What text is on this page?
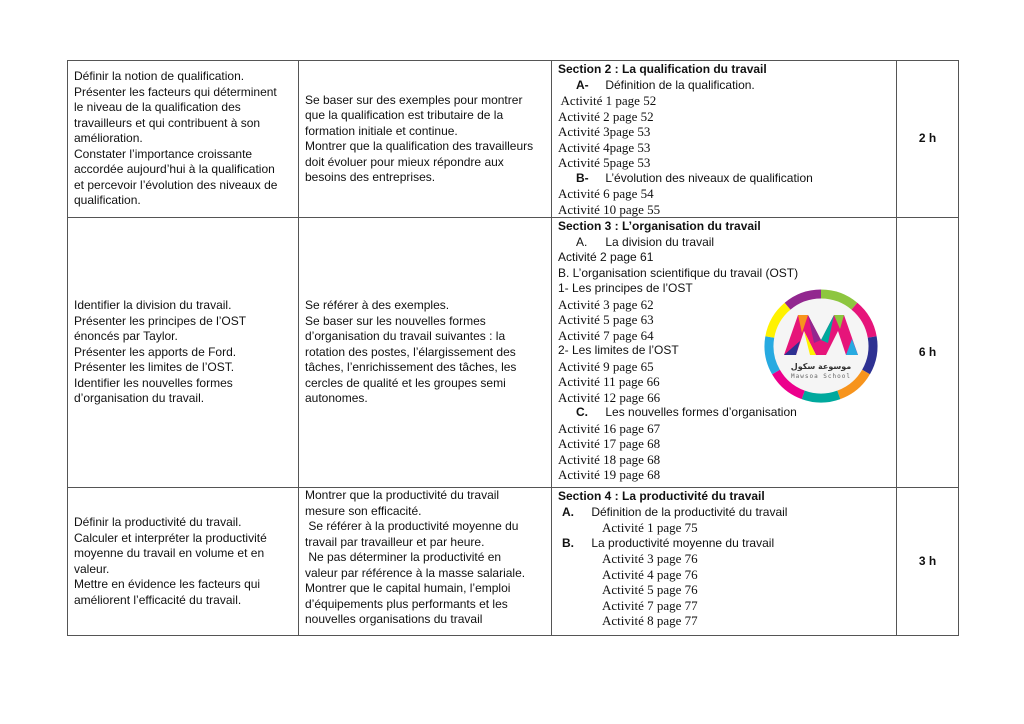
Définir la notion de qualification.
Présenter les facteurs qui déterminent
le niveau de la qualification des
travailleurs et qui contribuent à son
amélioration.
Constater l’importance croissante
accordée aujourd’hui à la qualification
et percevoir l’évolution des niveaux de
qualification.

Se baser sur des exemples pour montrer
que la qualification est tributaire de la
formation initiale et continue.
Montrer que la qualification des travailleurs
doit évoluer pour mieux répondre aux
besoins des entreprises.

Section 2 : La qualification du travail
A- Définition de la qualification.
Activité 1 page 52
Activité 2 page 52
Activité 3page 53
Activité 4page 53
Activité 5page 53
B- L’évolution des niveaux de qualification
Activité 6 page 54
Activité 10 page 55
	2 h

Identifier la division du travail.
Présenter les principes de l’OST
énoncés par Taylor.
Présenter les apports de Ford.
Présenter les limites de l’OST.
Identifier les nouvelles formes
d’organisation du travail.

Se référer à des exemples.
Se baser sur les nouvelles formes
d’organisation du travail suivantes : la
rotation des postes, l’élargissement des
tâches, l’enrichissement des tâches, les
cercles de qualité et les groupes semi
autonomes.

Section 3 : L’organisation du travail
A. La division du travail
Activité 2 page 61
B. L’organisation scientifique du travail (OST)
1- Les principes de l’OST
Activité 3 page 62
Activité 5 page 63
Activité 7 page 64
2- Les limites de l’OST
Activité 9 page 65
Activité 11 page 66
Activité 12 page 66
C. Les nouvelles formes d’organisation
Activité 16 page 67
Activité 17 page 68
Activité 18 page 68
Activité 19 page 68
	6 h

Définir la productivité du travail.
Calculer et interpréter la productivité
moyenne du travail en volume et en
valeur.
Mettre en évidence les facteurs qui
améliorent l’efficacité du travail.

Montrer que la productivité du travail
mesure son efficacité.
Se référer à la productivité moyenne du
travail par travailleur et par heure.
Ne pas déterminer la productivité en
valeur par référence à la masse salariale.
Montrer que le capital humain, l’emploi
d’équipements plus performants et les
nouvelles organisations du travail

Section 4 : La productivité du travail
A. Définition de la productivité du travail
Activité 1 page 75
B. La productivité moyenne du travail
Activité 3 page 76
Activité 4 page 76
Activité 5 page 76
Activité 7 page 77
Activité 8 page 77
	3 h
موسوعة سكول
Mawsoa School
